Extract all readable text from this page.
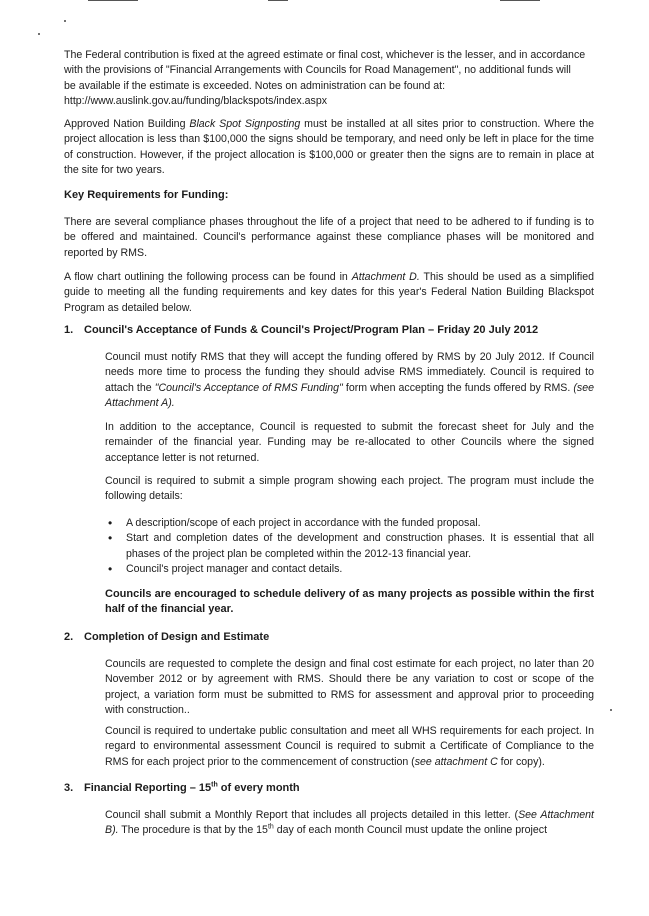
The Federal contribution is fixed at the agreed estimate or final cost, whichever is the lesser, and in accordance

with the provisions of "Financial Arrangements with Councils for Road Management", no additional funds will

be available if the estimate is exceeded. Notes on administration can be found at:

http://www.auslink.gov.au/funding/blackspots/index.aspx

Approved Nation Building Black Spot Signposting must be installed at all sites prior to construction. Where the project allocation is less than $100,000 the signs should be temporary, and need only be left in place for the time of construction. However, if the project allocation is $100,000 or greater then the signs are to remain in place at the site for two years.

Key Requirements for Funding:

There are several compliance phases throughout the life of a project that need to be adhered to if funding is to be offered and maintained. Council's performance against these compliance phases will be monitored and reported by RMS.

A flow chart outlining the following process can be found in Attachment D. This should be used as a simplified guide to meeting all the funding requirements and key dates for this year's Federal Nation Building Blackspot Program as detailed below.

1. Council's Acceptance of Funds & Council's Project/Program Plan – Friday 20 July 2012

Council must notify RMS that they will accept the funding offered by RMS by 20 July 2012. If Council needs more time to process the funding they should advise RMS immediately. Council is required to attach the "Council's Acceptance of RMS Funding" form when accepting the funds offered by RMS. (see Attachment A).

In addition to the acceptance, Council is requested to submit the forecast sheet for July and the remainder of the financial year. Funding may be re-allocated to other Councils where the signed acceptance letter is not returned.

Council is required to submit a simple program showing each project. The program must include the following details:

• A description/scope of each project in accordance with the funded proposal.
• Start and completion dates of the development and construction phases. It is essential that all phases of the project plan be completed within the 2012-13 financial year.
• Council's project manager and contact details.

Councils are encouraged to schedule delivery of as many projects as possible within the first half of the financial year.

2. Completion of Design and Estimate

Councils are requested to complete the design and final cost estimate for each project, no later than 20 November 2012 or by agreement with RMS. Should there be any variation to cost or scope of the project, a variation form must be submitted to RMS for assessment and approval prior to proceeding with construction..

Council is required to undertake public consultation and meet all WHS requirements for each project. In regard to environmental assessment Council is required to submit a Certificate of Compliance to the RMS for each project prior to the commencement of construction (see attachment C for copy).

3. Financial Reporting – 15th of every month

Council shall submit a Monthly Report that includes all projects detailed in this letter. (See Attachment B). The procedure is that by the 15th day of each month Council must update the online project
